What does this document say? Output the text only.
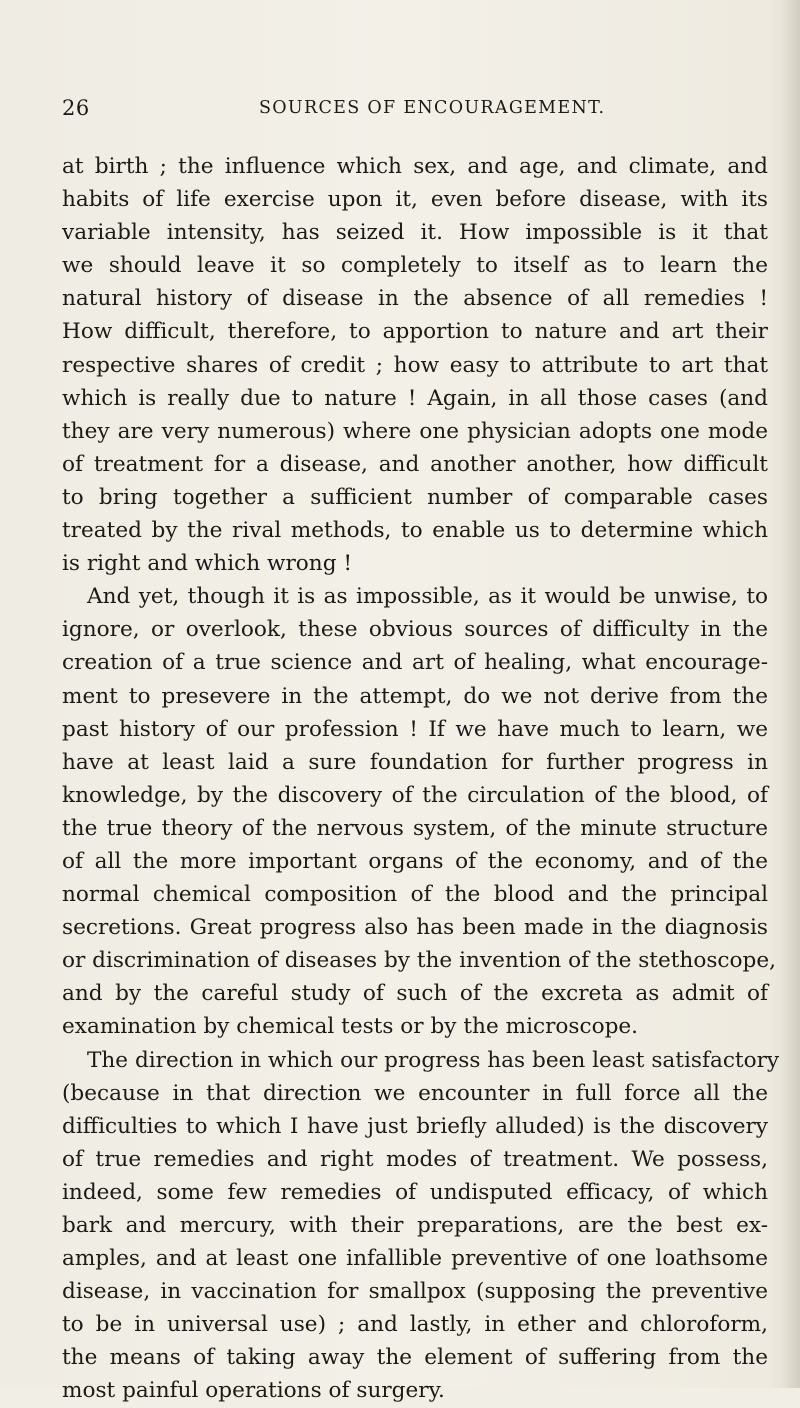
26	SOURCES OF ENCOURAGEMENT.
at birth ; the influence which sex, and age, and climate, and
habits of life exercise upon it, even before disease, with its
variable intensity, has seized it. How impossible is it that
we should leave it so completely to itself as to learn the
natural history of disease in the absence of all remedies !
How difficult, therefore, to apportion to nature and art their
respective shares of credit ; how easy to attribute to art that
which is really due to nature ! Again, in all those cases (and
they are very numerous) where one physician adopts one mode
of treatment for a disease, and another another, how difficult
to bring together a sufficient number of comparable cases
treated by the rival methods, to enable us to determine which
is right and which wrong !
And yet, though it is as impossible, as it would be unwise, to
ignore, or overlook, these obvious sources of difficulty in the
creation of a true science and art of healing, what encourage-
ment to presevere in the attempt, do we not derive from the
past history of our profession ! If we have much to learn, we
have at least laid a sure foundation for further progress in
knowledge, by the discovery of the circulation of the blood, of
the true theory of the nervous system, of the minute structure
of all the more important organs of the economy, and of the
normal chemical composition of the blood and the principal
secretions. Great progress also has been made in the diagnosis
or discrimination of diseases by the invention of the stethoscope,
and by the careful study of such of the excreta as admit of
examination by chemical tests or by the microscope.
The direction in which our progress has been least satisfactory
(because in that direction we encounter in full force all the
difficulties to which I have just briefly alluded) is the discovery
of true remedies and right modes of treatment. We possess,
indeed, some few remedies of undisputed efficacy, of which
bark and mercury, with their preparations, are the best ex-
amples, and at least one infallible preventive of one loathsome
disease, in vaccination for smallpox (supposing the preventive
to be in universal use) ; and lastly, in ether and chloroform,
the means of taking away the element of suffering from the
most painful operations of surgery.
